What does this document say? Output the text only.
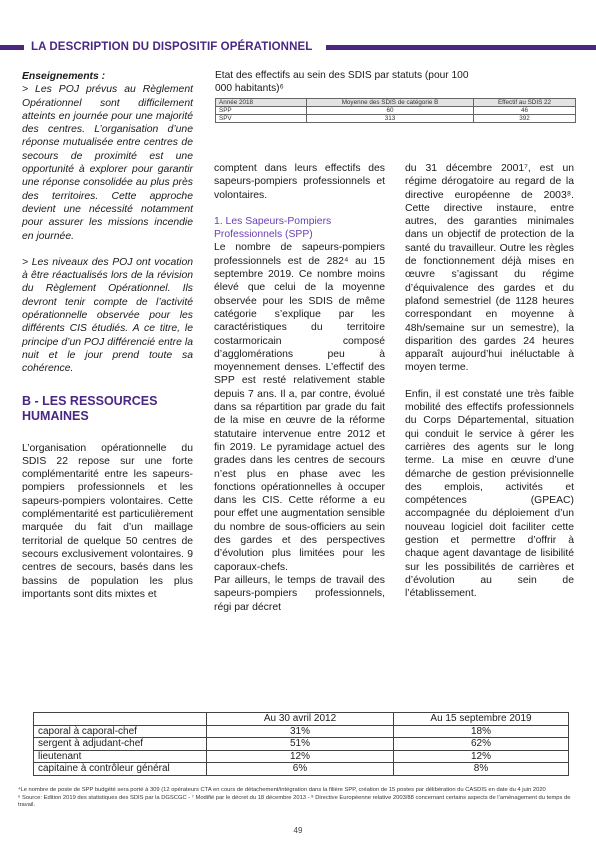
LA DESCRIPTION DU DISPOSITIF OPÉRATIONNEL

Enseignements :

> Les POJ prévus au Règlement Opérationnel sont difficilement atteints en journée pour une majorité des centres. L’organisation d’une réponse mutualisée entre centres de secours de proximité est une opportunité à explorer pour garantir une réponse consolidée au plus près des territoires. Cette approche devient une nécessité notamment pour assurer les missions incendie en journée.

> Les niveaux des POJ ont vocation à être réactualisés lors de la révision du Règlement Opérationnel. Ils devront tenir compte de l’activité opérationnelle observée pour les différents CIS étudiés. A ce titre, le principe d’un POJ différencié entre la nuit et le jour prend toute sa cohérence.

B - LES RESSOURCES HUMAINES

L’organisation opérationnelle du SDIS 22 repose sur une forte complémentarité entre les sapeurs-pompiers professionnels et les sapeurs-pompiers volontaires. Cette complémentarité est particulièrement marquée du fait d’un maillage territorial de quelque 50 centres de secours exclusivement volontaires. 9 centres de secours, basés dans les bassins de population les plus importants sont dits mixtes et

Etat des effectifs au sein des SDIS par statuts (pour 100 000 habitants)⁶
Année 2018	Moyenne des SDIS de catégorie B	Effectif au SDIS 22
SPP	60	46
SPV	313	392

comptent dans leurs effectifs des sapeurs-pompiers professionnels et volontaires.

1. Les Sapeurs-Pompiers Professionnels (SPP)

Le nombre de sapeurs-pompiers professionnels est de 282⁴ au 15 septembre 2019. Ce nombre moins élevé que celui de la moyenne observée pour les SDIS de même catégorie s’explique par les caractéristiques du territoire costarmoricain composé d’agglomérations peu à moyennement denses. L’effectif des SPP est resté relativement stable depuis 7 ans. Il a, par contre, évolué dans sa répartition par grade du fait de la mise en œuvre de la réforme statutaire intervenue entre 2012 et fin 2019. Le pyramidage actuel des grades dans les centres de secours n’est plus en phase avec les fonctions opérationnelles à occuper dans les CIS. Cette réforme a eu pour effet une augmentation sensible du nombre de sous-officiers au sein des gardes et des perspectives d’évolution plus limitées pour les caporaux-chefs.

Par ailleurs, le temps de travail des sapeurs-pompiers professionnels, régi par décret

du 31 décembre 2001⁷, est un régime dérogatoire au regard de la directive européenne de 2003⁸. Cette directive instaure, entre autres, des garanties minimales dans un objectif de protection de la santé du travailleur. Outre les règles de fonctionnement déjà mises en œuvre s’agissant du régime d’équivalence des gardes et du plafond semestriel (de 1128 heures correspondant en moyenne à 48h/semaine sur un semestre), la disparition des gardes 24 heures apparaît aujourd’hui inéluctable à moyen terme.

Enfin, il est constaté une très faible mobilité des effectifs professionnels du Corps Départemental, situation qui conduit le service à gérer les carrières des agents sur le long terme. La mise en œuvre d’une démarche de gestion prévisionnelle des emplois, activités et compétences (GPEAC) accompagnée du déploiement d’un nouveau logiciel doit faciliter cette gestion et permettre d’offrir à chaque agent davantage de lisibilité sur les possibilités de carrières et d’évolution au sein de l’établissement.

	Au 30 avril 2012	Au 15 septembre 2019
caporal à caporal-chef	31%	18%
sergent à adjudant-chef	51%	62%
lieutenant	12%	12%
capitaine à contrôleur général	6%	8%
⁴Le nombre de poste de SPP budgété sera porté à 309 (12 opérateurs CTA en cours de détachement/intégration dans la filière SPP, création de 15 postes par délibération du CASDIS en date du 4 juin 2020
⁶ Source: Edition 2019 des statistiques des SDIS par la DGSCGC - ⁷ Modifié par le décret du 18 décembre 2013 - ⁸ Directive Européenne relative 2003/88 concernant certains aspects de l’aménagement du temps de travail.
49
